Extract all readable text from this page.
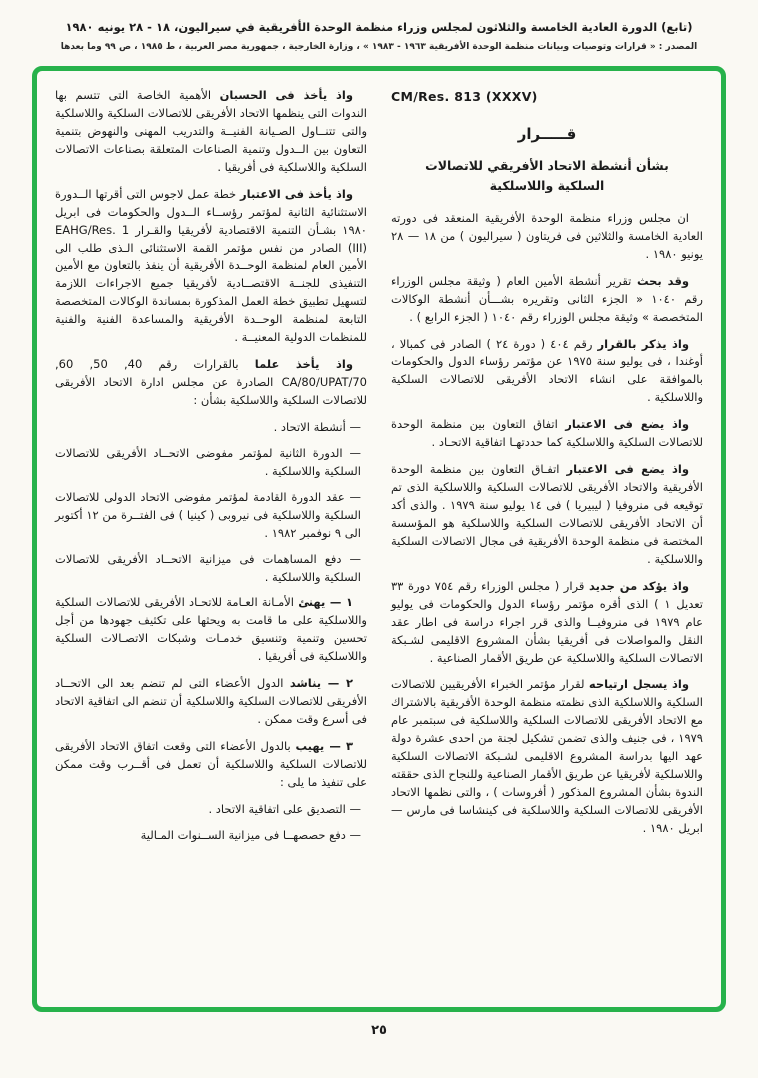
(تابع) الدورة العادية الخامسة والثلاثون لمجلس وزراء منظمة الوحدة الأفريقية في سيراليون، ١٨ - ٢٨ يونيه ١٩٨٠
المصدر : « قرارات وتوصيات وبيانات منظمة الوحدة الأفريقية ١٩٦٣ - ١٩٨٣ » ، وزارة الخارجية ، جمهورية مصر العربية ، ط ١٩٨٥ ، ص ٩٩ وما بعدها
CM/Res. 813 (XXXV)
قـــــرار
بشأن أنشطة الاتحاد الأفريقي للاتصالات السلكية واللاسلكية

ان مجلس وزراء منظمة الوحدة الأفريقية المنعقد فى دورته العادية الخامسة والثلاثين فى فريتاون ( سيراليون ) من ١٨ — ٢٨ يونيو ١٩٨٠ .

وقد بحث تقرير أنشطة الأمين العام ( وثيقة مجلس الوزراء رقم ١٠٤٠ « الجزء الثانى وتقريره بشـــأن أنشطة الوكالات المتخصصة » وثيقة مجلس الوزراء رقم ١٠٤٠ ( الجزء الرابع ) .

واذ يذكر بالقرار رقم ٤٠٤ ( دورة ٢٤ ) الصادر فى كمبالا ، أوغندا ، فى يوليو سنة ١٩٧٥ عن مؤتمر رؤساء الدول والحكومات بالموافقة على انشاء الاتحاد الأفريقى للاتصالات السلكية واللاسلكية .

واذ يضع فى الاعتبار اتفاق التعاون بين منظمة الوحدة للاتصالات السلكية واللاسلكية كما حددتهـا اتفاقية الاتحـاد .

واذ يضع فى الاعتبار اتفـاق التعاون بين منظمة الوحدة الأفريقية والاتحاد الأفريقى للاتصالات السلكية واللاسلكية الذى تم توقيعه فى منروفيا ( ليبيريا ) فى ١٤ يوليو سنة ١٩٧٩ . والذى أكد أن الاتحاد الأفريقى للاتصالات السلكية واللاسلكية هو المؤسسة المختصة فى منظمة الوحدة الأفريقية فى مجال الاتصالات السلكية واللاسلكية .

واذ يؤكد من جديد قرار ( مجلس الوزراء رقم ٧٥٤ دورة ٣٣ تعديل ١ ) الذى أقره مؤتمر رؤساء الدول والحكومات فى يوليو عام ١٩٧٩ فى منروفيــا والذى قرر اجراء دراسة فى اطار عقد النقل والمواصلات فى أفريقيا بشأن المشروع الاقليمى لشـبكة الاتصالات السلكية واللاسلكية عن طريق الأقمار الصناعية .

واذ يسجل ارتياحه لقرار مؤتمر الخبراء الأفريقيين للاتصالات السلكية واللاسلكية الذى نظمته منظمة الوحدة الأفريقية بالاشتراك مع الاتحاد الأفريقى للاتصالات السلكية واللاسلكية فى سبتمبر عام ١٩٧٩ ، فى جنيف والذى تضمن تشكيل لجنة من احدى عشرة دولة عهد اليها بدراسة المشروع الاقليمى لشـبكة الاتصالات السلكية واللاسلكية لأفريقيا عن طريق الأقمار الصناعية وللنجاح الذى حققته الندوة بشأن المشروع المذكور ( أفروسات ) ، والتى نظمها الاتحاد الأفريقى للاتصالات السلكية واللاسلكية فى كينشاسا فى مارس — ابريل ١٩٨٠ .

واذ يأخذ فى الحسبان الأهمية الخاصة التى تتسم بها الندوات التى ينظمها الاتحاد الأفريقى للاتصالات السلكية واللاسلكية والتى تتنــاول الصـيانة الفنيــة والتدريب المهنى والنهوض بتنمية التعاون بين الــدول وتنمية الصناعات المتعلقة بصناعات الاتصالات السلكية واللاسلكية فى أفريقيا .

واذ يأخذ فى الاعتبار خطة عمل لاجوس التى أقرتها الــدورة الاستثنائية الثانية لمؤتمر رؤســاء الــدول والحكومات فى ابريل ١٩٨٠ بشـأن التنمية الاقتصادية لأفريقيا والقـرار EAHG/Res. 1 (III) الصادر من نفس مؤتمر القمة الاستثنائى الـذى طلب الى الأمين العام لمنظمة الوحــدة الأفريقية أن ينفذ بالتعاون مع الأمين التنفيذى للجنــة الاقتصــادية لأفريقيا جميع الاجراءات اللازمة لتسهيل تطبيق خطة العمل المذكورة بمساندة الوكالات المتخصصة التابعة لمنظمة الوحــدة الأفريقية والمساعدة الفنية والفنية للمنظمات الدولية المعنيــة .

واذ يأخذ علما بالقرارات رقم 40, 50, 60, 70/CA/80/UPAT الصادرة عن مجلس ادارة الاتحاد الأفريقى للاتصالات السلكية واللاسلكية بشأن :

— أنشطة الاتحاد .

— الدورة الثانية لمؤتمر مفوضى الاتحــاد الأفريقى للاتصالات السلكية واللاسلكية .

— عقد الدورة القادمة لمؤتمر مفوضى الاتحاد الدولى للاتصالات السلكية واللاسلكية فى نيروبى ( كينيا ) فى الفتــرة من ١٢ أكتوبر الى ٩ نوفمبر ١٩٨٢ .

— دفع المساهمات فى ميزانية الاتحــاد الأفريقى للاتصالات السلكية واللاسلكية .

١ — يهنئ الأمـانة العـامة للاتحـاد الأفريقى للاتصالات السلكية واللاسلكية على ما قامت به ويحثها على تكثيف جهودها من أجل تحسين وتنمية وتنسيق خدمـات وشبكات الاتصـالات السلكية واللاسلكية فى أفريقيا .

٢ — يناشد الدول الأعضاء التى لم تنضم بعد الى الاتحــاد الأفريقى للاتصالات السلكية واللاسلكية أن تنضم الى اتفاقية الاتحاد فى أسرع وقت ممكن .

٣ — يهيب بالدول الأعضاء التى وقعت اتفاق الاتحاد الأفريقى للاتصالات السلكية واللاسلكية أن تعمل فى أقــرب وقت ممكن على تنفيذ ما يلى :

— التصديق على اتفاقية الاتحاد .

— دفع حصصهــا فى ميزانية الســنوات المـالية

٢٥
